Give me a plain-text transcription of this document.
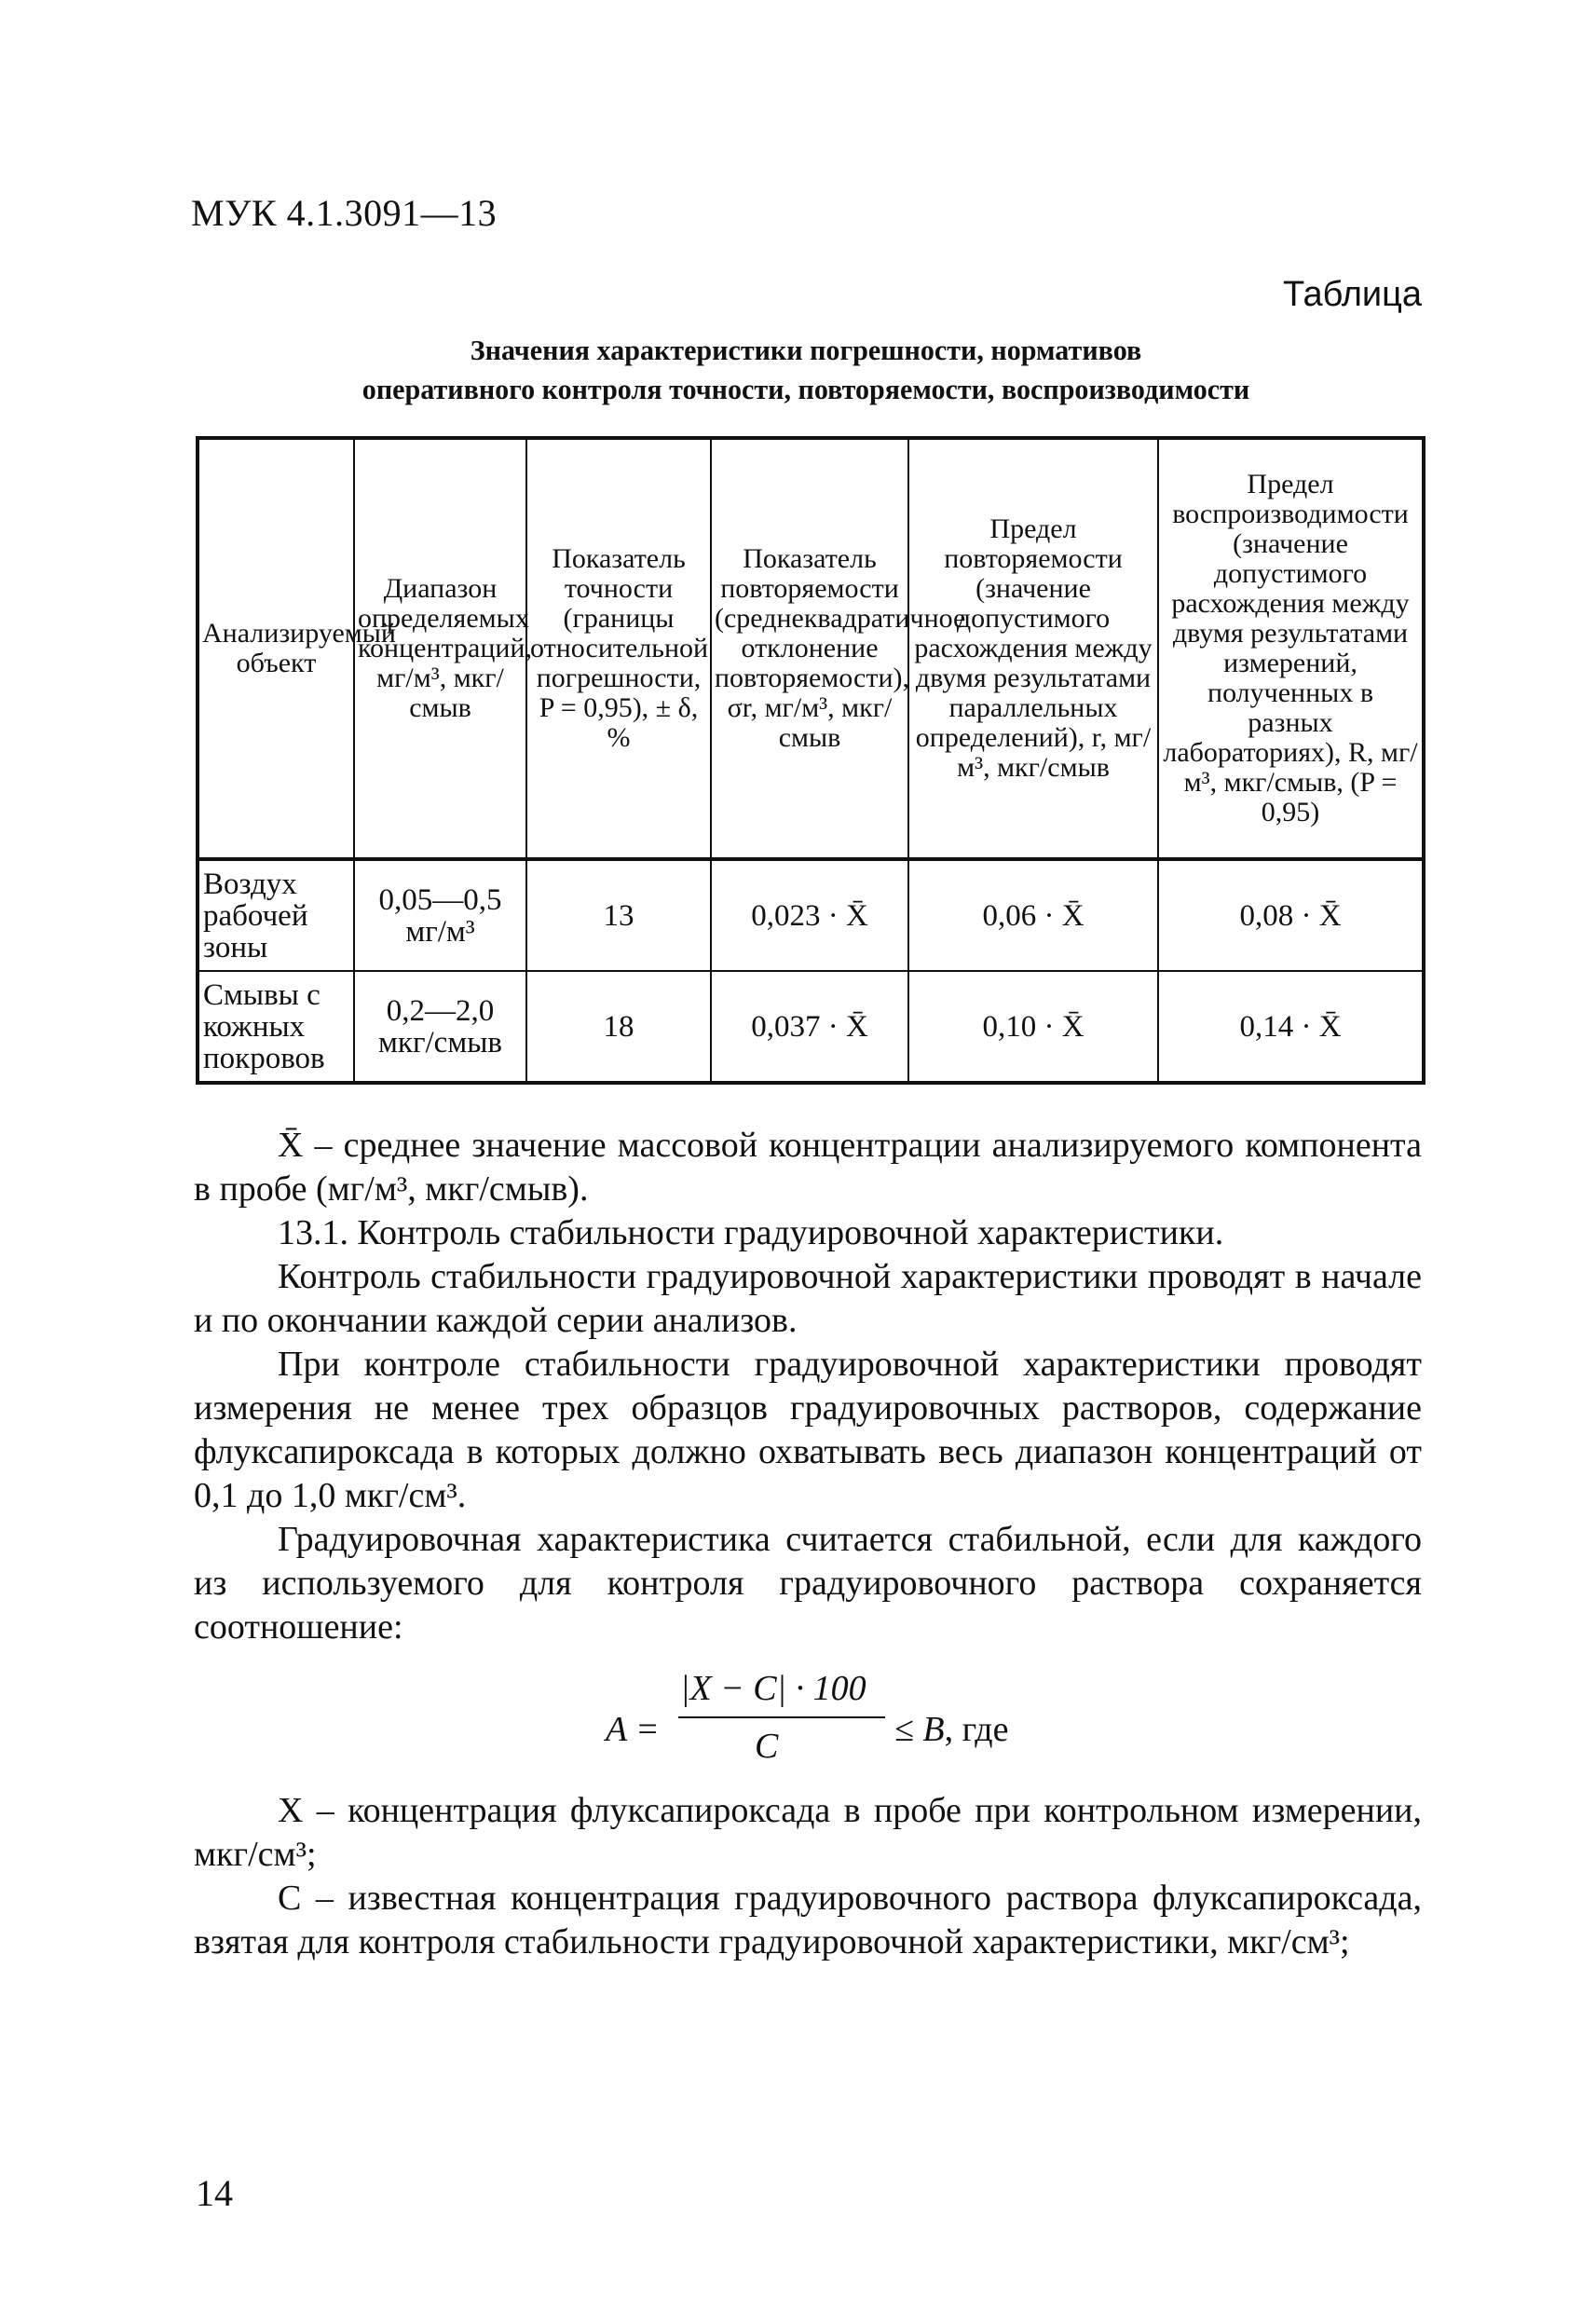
МУК 4.1.3091—13
Таблица
Значения характеристики погрешности, нормативов
оперативного контроля точности, повторяемости, воспроизводимости
Анализируемый объект	Диапазон определяемых концентраций, мг/м³, мкг/смыв	Показатель точности (границы относительной погрешности, P = 0,95), ± δ, %	Показатель повторяемости (среднеквадратичное отклонение повторяемости), σr, мг/м³, мкг/смыв	Предел повторяемости (значение допустимого расхождения между двумя результатами параллельных определений), r, мг/м³, мкг/смыв	Предел воспроизводимости (значение допустимого расхождения между двумя результатами измерений, полученных в разных лабораториях), R, мг/м³, мкг/смыв, (P = 0,95)
Воздух рабочей зоны	0,05—0,5 мг/м³	13	0,023 · X̄	0,06 · X̄	0,08 · X̄
Смывы с кожных покровов	0,2—2,0 мкг/смыв	18	0,037 · X̄	0,10 · X̄	0,14 · X̄

X̄ – среднее значение массовой концентрации анализируемого компонента в пробе (мг/м³, мкг/смыв).

13.1. Контроль стабильности градуировочной характеристики.

Контроль стабильности градуировочной характеристики проводят в начале и по окончании каждой серии анализов.

При контроле стабильности градуировочной характеристики проводят измерения не менее трех образцов градуировочных растворов, содержание флуксапироксада в которых должно охватывать весь диапазон концентраций от 0,1 до 1,0 мкг/см³.

Градуировочная характеристика считается стабильной, если для каждого из используемого для контроля градуировочного раствора сохраняется соотношение:

A =
|X − C| · 100
C	≤ B, где

X – концентрация флуксапироксада в пробе при контрольном измерении, мкг/см³;

C – известная концентрация градуировочного раствора флуксапироксада, взятая для контроля стабильности градуировочной характеристики, мкг/см³;

14
